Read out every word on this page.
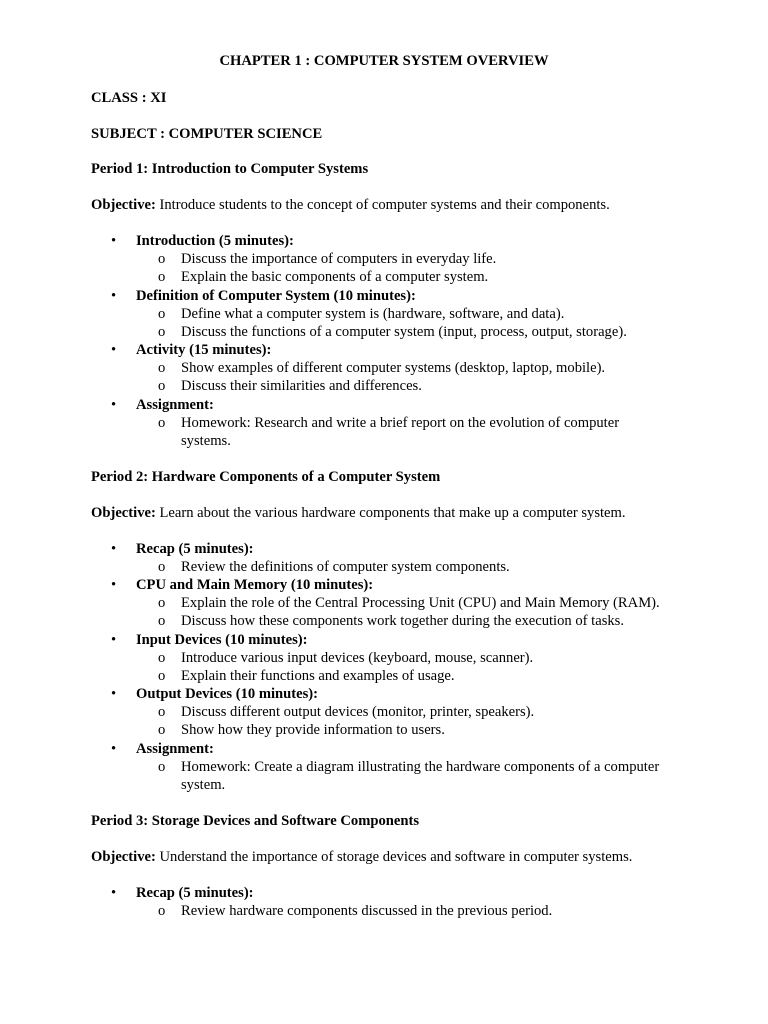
CHAPTER 1 : COMPUTER SYSTEM OVERVIEW
CLASS : XI
SUBJECT : COMPUTER SCIENCE
Period 1: Introduction to Computer Systems
Objective: Introduce students to the concept of computer systems and their components.
• Introduction (5 minutes):
o Discuss the importance of computers in everyday life.
o Explain the basic components of a computer system.
• Definition of Computer System (10 minutes):
o Define what a computer system is (hardware, software, and data).
o Discuss the functions of a computer system (input, process, output, storage).
• Activity (15 minutes):
o Show examples of different computer systems (desktop, laptop, mobile).
o Discuss their similarities and differences.
• Assignment:
o Homework: Research and write a brief report on the evolution of computer systems.
Period 2: Hardware Components of a Computer System
Objective: Learn about the various hardware components that make up a computer system.
• Recap (5 minutes):
o Review the definitions of computer system components.
• CPU and Main Memory (10 minutes):
o Explain the role of the Central Processing Unit (CPU) and Main Memory (RAM).
o Discuss how these components work together during the execution of tasks.
• Input Devices (10 minutes):
o Introduce various input devices (keyboard, mouse, scanner).
o Explain their functions and examples of usage.
• Output Devices (10 minutes):
o Discuss different output devices (monitor, printer, speakers).
o Show how they provide information to users.
• Assignment:
o Homework: Create a diagram illustrating the hardware components of a computer system.
Period 3: Storage Devices and Software Components
Objective: Understand the importance of storage devices and software in computer systems.
• Recap (5 minutes):
o Review hardware components discussed in the previous period.
